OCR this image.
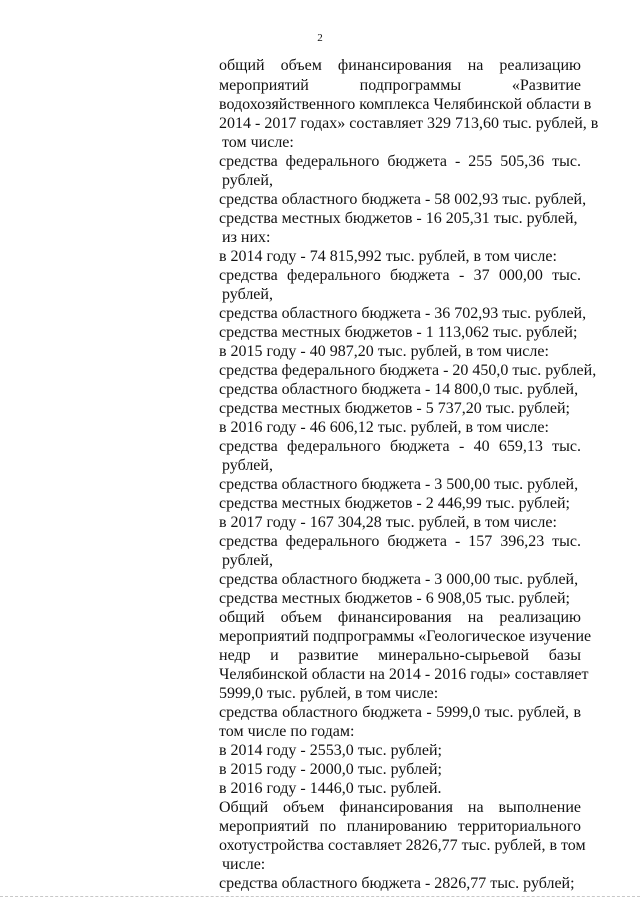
2
общий объем финансирования на реализацию
мероприятий подпрограммы «Развитие
водохозяйственного комплекса Челябинской области в
2014 - 2017 годах» составляет 329 713,60 тыс. рублей, в
том числе:
средства федерального бюджета - 255 505,36 тыс.
рублей,
средства областного бюджета - 58 002,93 тыс. рублей,
средства местных бюджетов - 16 205,31 тыс. рублей,
из них:
в 2014 году - 74 815,992 тыс. рублей, в том числе:
средства федерального бюджета - 37 000,00 тыс.
рублей,
средства областного бюджета - 36 702,93 тыс. рублей,
средства местных бюджетов - 1 113,062 тыс. рублей;
в 2015 году - 40 987,20 тыс. рублей, в том числе:
средства федерального бюджета - 20 450,0 тыс. рублей,
средства областного бюджета - 14 800,0 тыс. рублей,
средства местных бюджетов - 5 737,20 тыс. рублей;
в 2016 году - 46 606,12 тыс. рублей, в том числе:
средства федерального бюджета - 40 659,13 тыс.
рублей,
средства областного бюджета - 3 500,00 тыс. рублей,
средства местных бюджетов - 2 446,99 тыс. рублей;
в 2017 году - 167 304,28 тыс. рублей, в том числе:
средства федерального бюджета - 157 396,23 тыс.
рублей,
средства областного бюджета - 3 000,00 тыс. рублей,
средства местных бюджетов - 6 908,05 тыс. рублей;
общий объем финансирования на реализацию
мероприятий подпрограммы «Геологическое изучение
недр и развитие минерально-сырьевой базы
Челябинской области на 2014 - 2016 годы» составляет
5999,0 тыс. рублей, в том числе:
средства областного бюджета - 5999,0 тыс. рублей, в
том числе по годам:
в 2014 году - 2553,0 тыс. рублей;
в 2015 году - 2000,0 тыс. рублей;
в 2016 году - 1446,0 тыс. рублей.
Общий объем финансирования на выполнение
мероприятий по планированию территориального
охотустройства составляет 2826,77 тыс. рублей, в том
числе:
средства областного бюджета - 2826,77 тыс. рублей;
